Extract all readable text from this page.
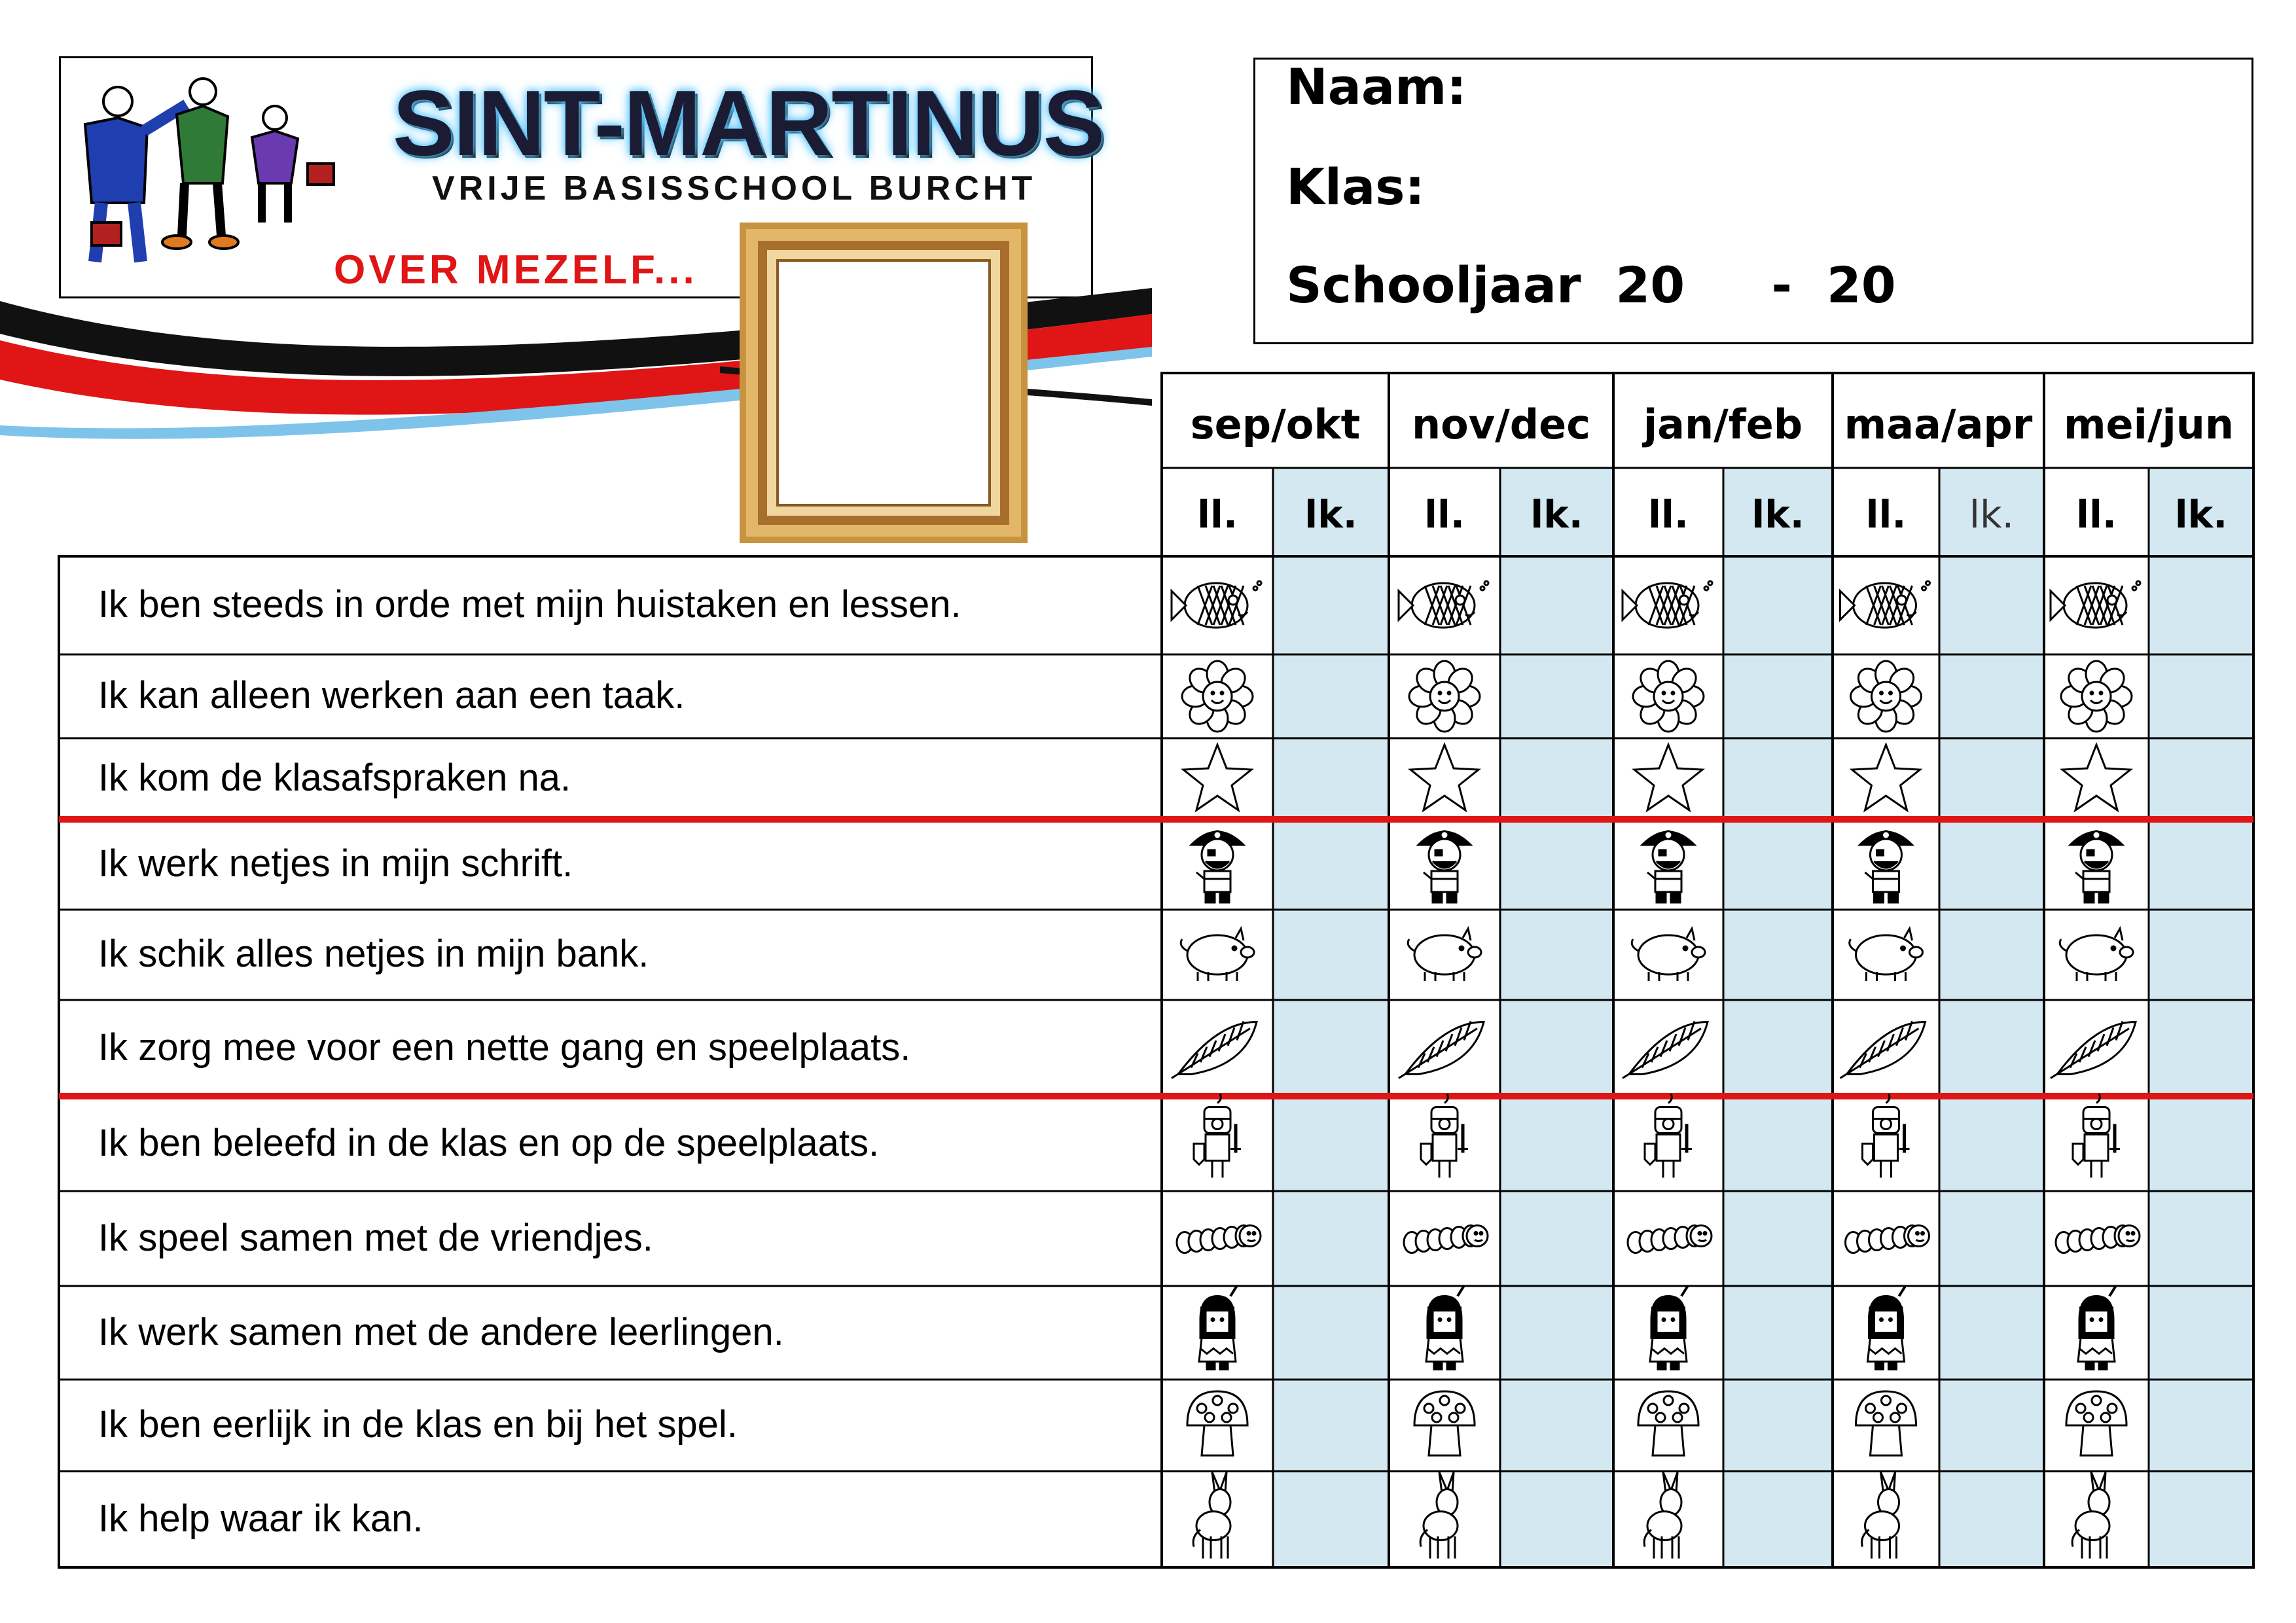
SINT-MARTINUS
VRIJE BASISSCHOOL BURCHT
OVER MEZELF...
Naam:
Klas:
Schooljaar  20     -  20
sep/okt
ll.	lk.
nov/dec
ll.	lk.
jan/feb
ll.	lk.
maa/apr
ll.	lk.
mei/jun
ll.	lk.
Ik ben steeds in orde met mijn huistaken en lessen.
Ik kan alleen werken aan een taak.
Ik kom de klasafspraken na.
Ik werk netjes in mijn schrift.
Ik schik alles netjes in mijn bank.
Ik zorg mee voor een nette gang en speelplaats.
Ik ben beleefd in de klas en op de speelplaats.
Ik speel samen met de vriendjes.
Ik werk samen met de andere leerlingen.
Ik ben eerlijk in de klas en bij het spel.
Ik help waar ik kan.
